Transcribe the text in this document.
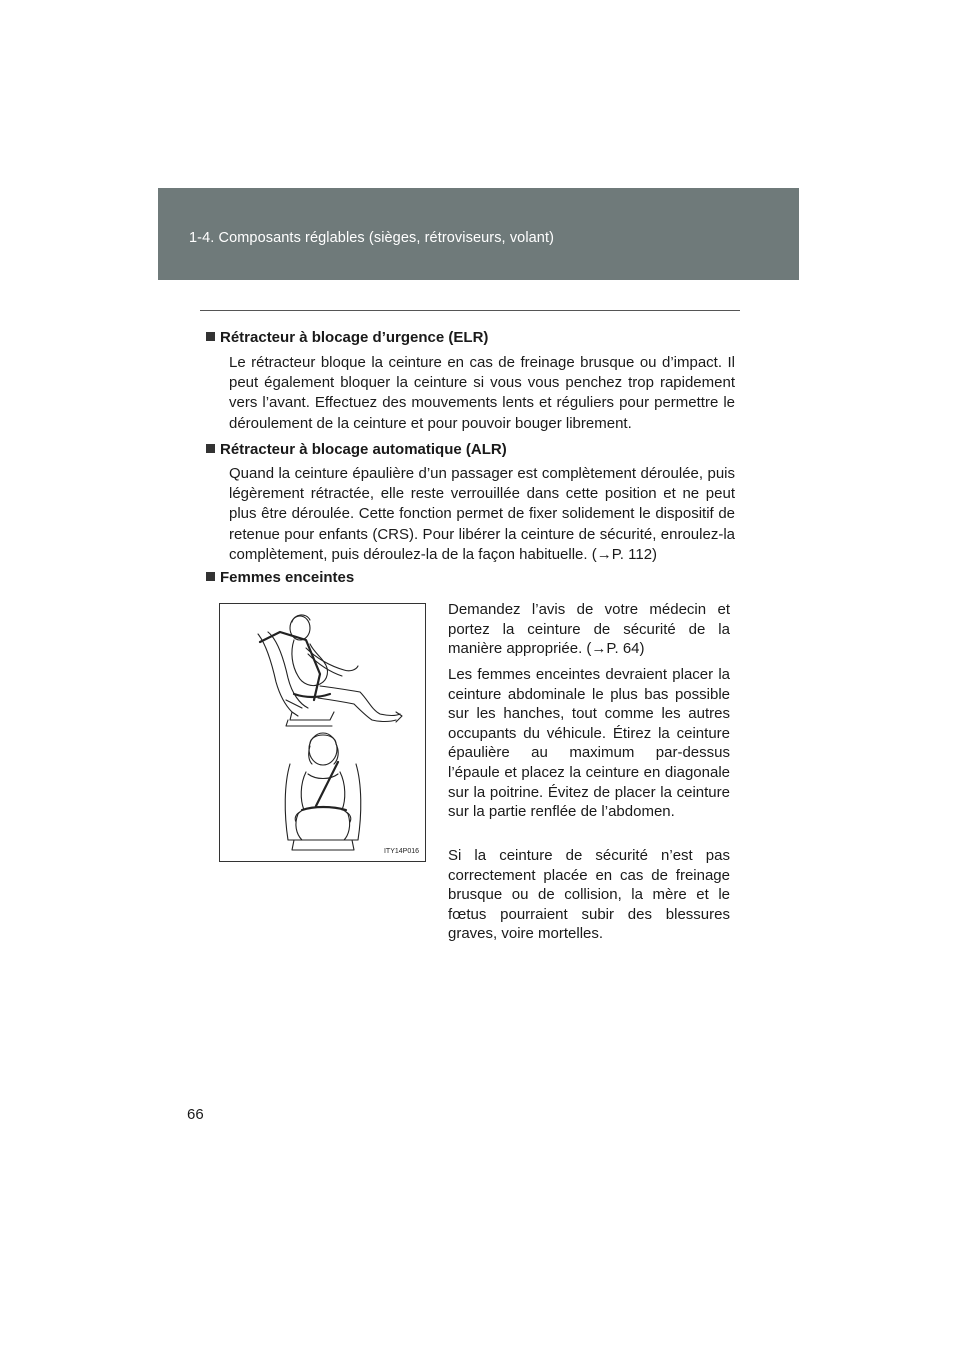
1-4. Composants réglables (sièges, rétroviseurs, volant)
Rétracteur à blocage d’urgence (ELR)

Le rétracteur bloque la ceinture en cas de freinage brusque ou d’impact. Il peut également bloquer la ceinture si vous vous penchez trop rapidement vers l’avant. Effectuez des mouvements lents et réguliers pour permettre le déroulement de la ceinture et pour pouvoir bouger librement.

Rétracteur à blocage automatique (ALR)

Quand la ceinture épaulière d’un passager est complètement déroulée, puis légèrement rétractée, elle reste verrouillée dans cette position et ne peut plus être déroulée. Cette fonction permet de fixer solidement le dispositif de retenue pour enfants (CRS). Pour libérer la ceinture de sécurité, enroulez-la complètement, puis déroulez-la de la façon habituelle. (→P. 112)

Femmes enceintes
ITY14P016

Demandez l’avis de votre médecin et portez la ceinture de sécurité de la manière appropriée. (→P. 64)

Les femmes enceintes devraient placer la ceinture abdominale le plus bas possible sur les hanches, tout comme les autres occupants du véhicule. Étirez la ceinture épaulière au maximum par-dessus l’épaule et placez la ceinture en diagonale sur la poitrine. Évitez de placer la ceinture sur la partie renflée de l’abdomen.

Si la ceinture de sécurité n’est pas correctement placée en cas de freinage brusque ou de collision, la mère et le fœtus pourraient subir des blessures graves, voire mortelles.

66
